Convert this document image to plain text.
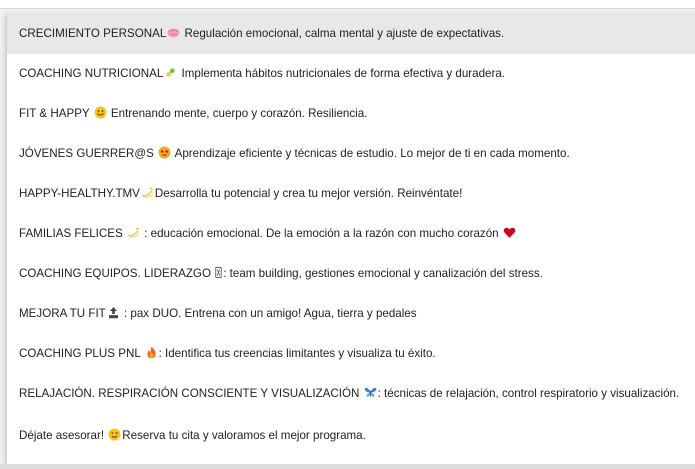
CRECIMIENTO PERSONAL
Regulación emocional, calma mental y ajuste de expectativas.
COACHING NUTRICIONAL
Implementa hábitos nutricionales de forma efectiva y duradera.
FIT & HAPPY
Entrenando mente, cuerpo y corazón. Resiliencia.
JÓVENES GUERRER@S
Aprendizaje eficiente y técnicas de estudio. Lo mejor de ti en cada momento.
HAPPY-HEALTHY.TMV Desarrolla tu potencial y crea tu mejor versión. Reinvéntate!
FAMILIAS FELICES
: educación emocional. De la emoción a la razón con mucho corazón
COACHING EQUIPOS. LIDERAZGO
: team building, gestiones emocional y canalización del stress.
MEJORA TU FIT
: pax DUO. Entrena con un amigo! Agua, tierra y pedales
COACHING PLUS PNL
: Identifica tus creencias limitantes y visualiza tu éxito.
RELAJACIÓN. RESPIRACIÓN CONSCIENTE Y VISUALIZACIÓN
: técnicas de relajación, control respiratorio y visualización.
Déjate asesorar!
Reserva tu cita y valoramos el mejor programa.
